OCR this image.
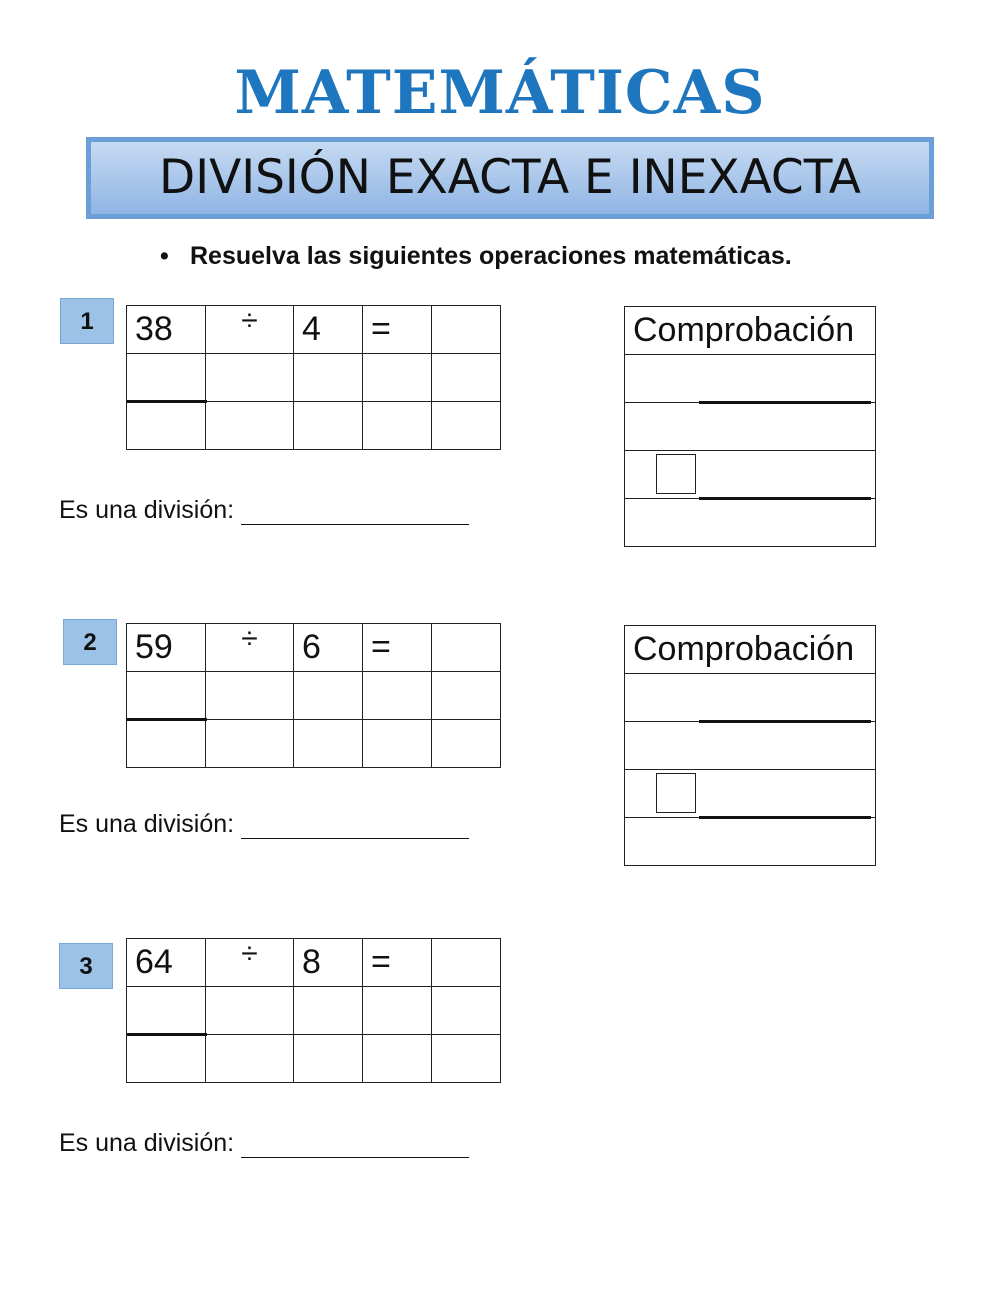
MATEMÁTICAS
DIVISIÓN EXACTA E INEXACTA
• Resuelva las siguientes operaciones matemáticas.
1	38	÷	4	=	

Es una división:
Comprobación

2	59	÷	6	=	

Es una división:
Comprobación

3	64	÷	8	=	

Es una división:
